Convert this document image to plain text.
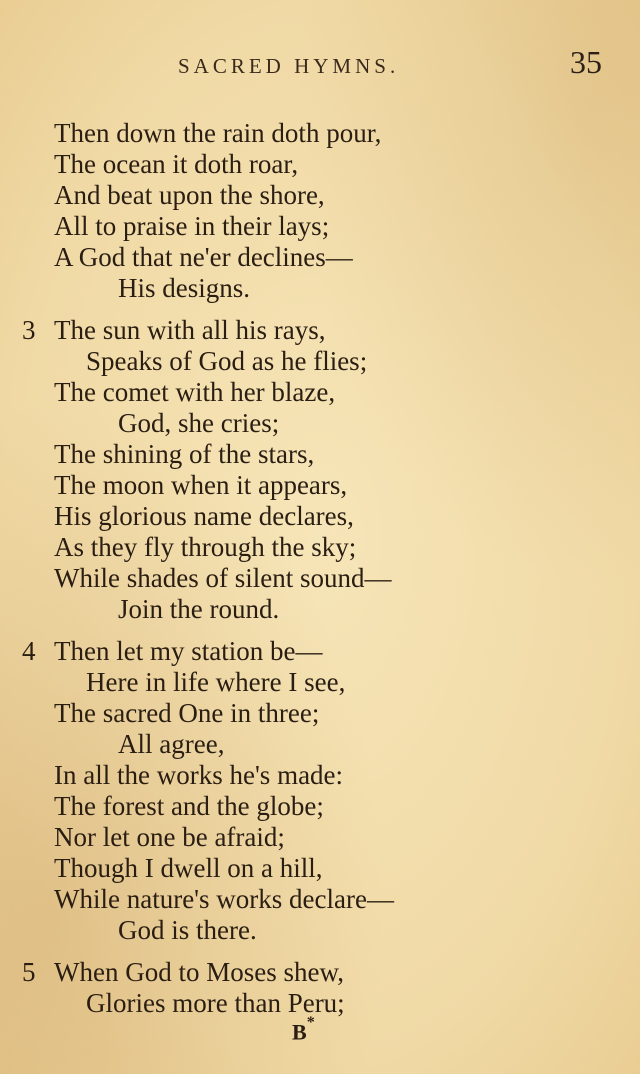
SACRED HYMNS.	35
Then down the rain doth pour,
The ocean it doth roar,
And beat upon the shore,
All to praise in their lays;
A God that ne'er declines—
His designs.
3 The sun with all his rays,
Speaks of God as he flies;
The comet with her blaze,
God, she cries;
The shining of the stars,
The moon when it appears,
His glorious name declares,
As they fly through the sky;
While shades of silent sound—
Join the round.
4 Then let my station be—
Here in life where I see,
The sacred One in three;
All agree,
In all the works he's made:
The forest and the globe;
Nor let one be afraid;
Though I dwell on a hill,
While nature's works declare—
God is there.
5 When God to Moses shew,
Glories more than Peru;
B*
